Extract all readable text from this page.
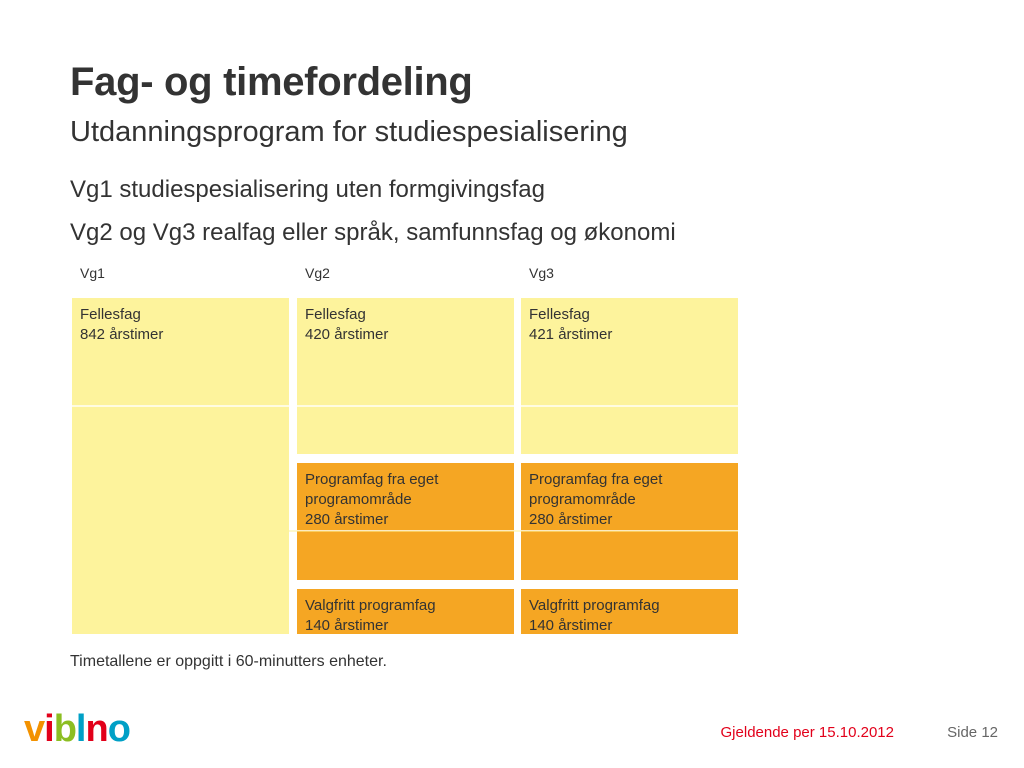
Fag- og timefordeling
Utdanningsprogram for studiespesialisering
Vg1 studiespesialisering uten formgivingsfag
Vg2 og Vg3 realfag eller språk, samfunnsfag og økonomi
Vg1	Vg2	Vg3
Fellesfag
842 årstimer
Fellesfag
420 årstimer
Programfag fra eget
programområde
280 årstimer
Valgfritt programfag
140 årstimer
Fellesfag
421 årstimer
Programfag fra eget
programområde
280 årstimer
Valgfritt programfag
140 årstimer
Timetallene er oppgitt i 60-minutters enheter.
viblno	Gjeldende per 15.10.2012	Side 12
